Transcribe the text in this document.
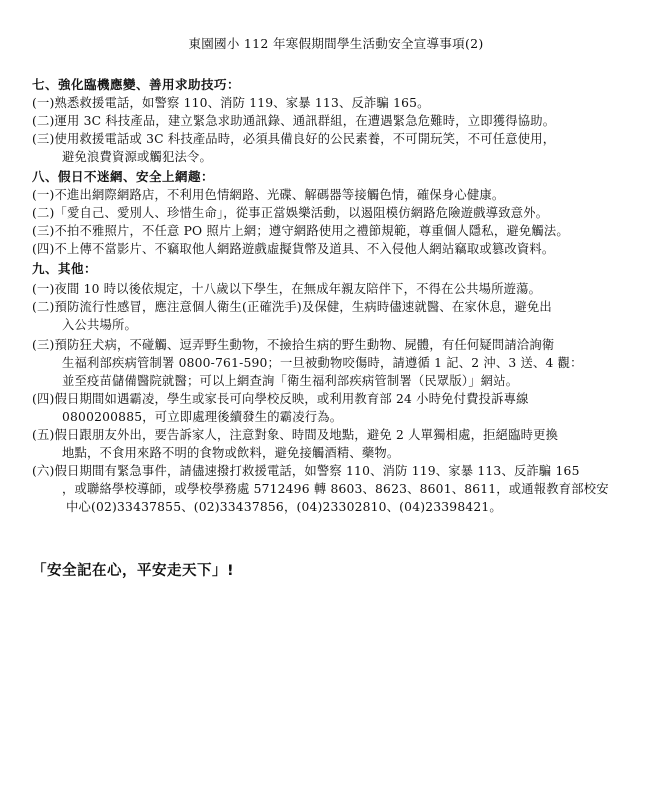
東園國小 112 年寒假期間學生活動安全宣導事項(2)

七、強化臨機應變、善用求助技巧：

(一)熟悉救援電話，如警察 110、消防 119、家暴 113、反詐騙 165。

(二)運用 3C 科技產品，建立緊急求助通訊錄、通訊群組，在遭遇緊急危難時，立即獲得協助。

(三)使用救援電話或 3C 科技產品時，必須具備良好的公民素養，不可開玩笑，不可任意使用，
避免浪費資源或觸犯法令。

八、假日不迷網、安全上網趣：

(一)不進出網際網路店，不利用色情網路、光碟、解碼器等接觸色情，確保身心健康。

(二)「愛自己、愛別人、珍惜生命」，從事正當娛樂活動，以遏阻模仿網路危險遊戲導致意外。

(三)不拍不雅照片，不任意 PO 照片上網；遵守網路使用之禮節規範，尊重個人隱私，避免觸法。

(四)不上傳不當影片、不竊取他人網路遊戲虛擬貨幣及道具、不入侵他人網站竊取或篡改資料。

九、其他：

(一)夜間 10 時以後依規定，十八歲以下學生，在無成年親友陪伴下，不得在公共場所遊蕩。

(二)預防流行性感冒，應注意個人衛生(正確洗手)及保健，生病時儘速就醫、在家休息，避免出
入公共場所。

(三)預防狂犬病，不碰觸、逗弄野生動物，不撿拾生病的野生動物、屍體，有任何疑問請洽詢衛
生福利部疾病管制署 0800-761-590；一旦被動物咬傷時，請遵循 1 記、2 沖、3 送、4 觀：
並至疫苗儲備醫院就醫；可以上網查詢「衛生福利部疾病管制署（民眾版）」網站。

(四)假日期間如遇霸凌，學生或家長可向學校反映，或利用教育部 24 小時免付費投訴專線
0800200885，可立即處理後續發生的霸凌行為。

(五)假日跟朋友外出，要告訴家人，注意對象、時間及地點，避免 2 人單獨相處，拒絕臨時更換
地點，不食用來路不明的食物或飲料，避免接觸酒精、藥物。

(六)假日期間有緊急事件，請儘速撥打救援電話，如警察 110、消防 119、家暴 113、反詐騙 165
，或聯絡學校導師，或學校學務處 5712496 轉 8603、8623、8601、8611，或通報教育部校安
中心(02)33437855、(02)33437856，(04)23302810、(04)23398421。

「安全記在心，平安走天下」!
